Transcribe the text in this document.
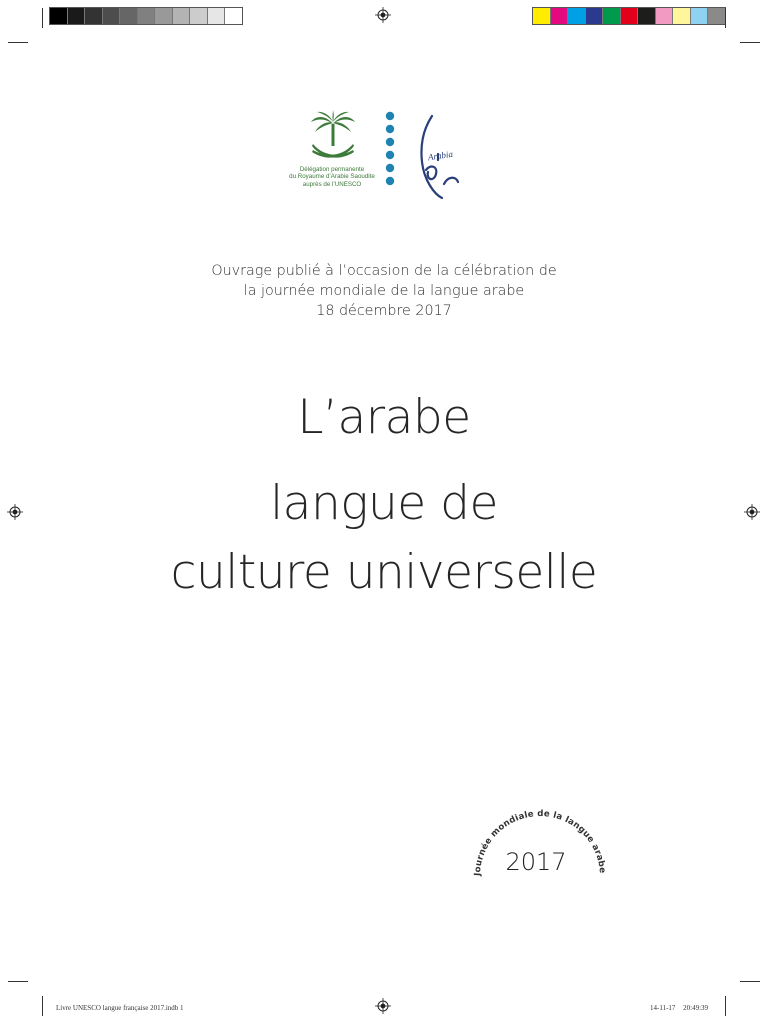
Délégation permanente
du Royaume d’Arabie Saoudite
auprès de l’UNESCO
Arabia
Ouvrage publié à l’occasion de la célébration de
la journée mondiale de la langue arabe
18 décembre 2017
L’arabe
langue de
culture universelle
Journée mondiale de la langue arabe
2017
Livre UNESCO langue française 2017.indb 1	14-11-17 20:49:39
